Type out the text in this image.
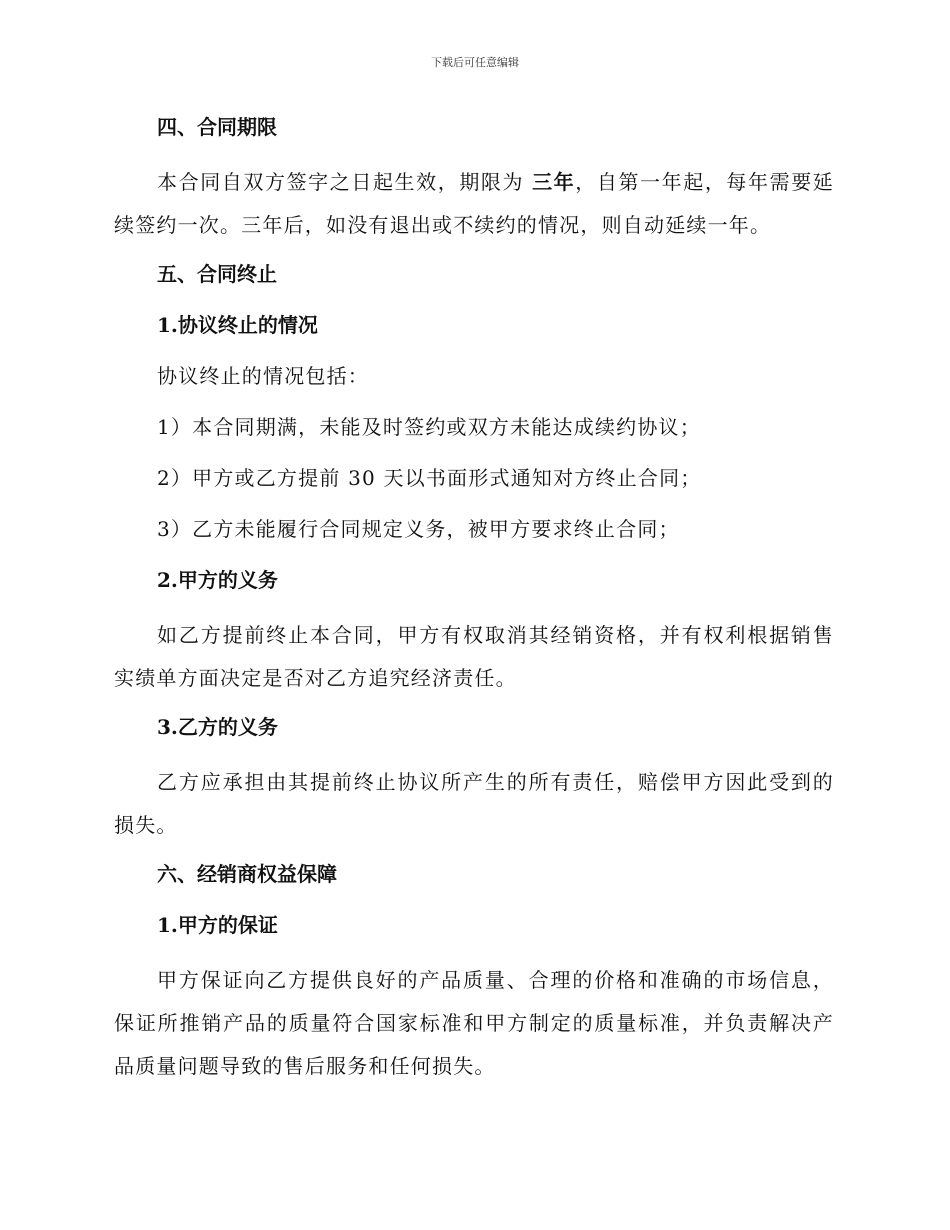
下载后可任意编辑
四、合同期限
本合同自双方签字之日起生效，期限为 三年，自第一年起，每年需要延续签约一次。三年后，如没有退出或不续约的情况，则自动延续一年。
五、合同终止
1.协议终止的情况
协议终止的情况包括：
1）本合同期满，未能及时签约或双方未能达成续约协议；
2）甲方或乙方提前 30 天以书面形式通知对方终止合同；
3）乙方未能履行合同规定义务，被甲方要求终止合同；
2.甲方的义务
如乙方提前终止本合同，甲方有权取消其经销资格，并有权利根据销售实绩单方面决定是否对乙方追究经济责任。
3.乙方的义务
乙方应承担由其提前终止协议所产生的所有责任，赔偿甲方因此受到的损失。
六、经销商权益保障
1.甲方的保证
甲方保证向乙方提供良好的产品质量、合理的价格和准确的市场信息，保证所推销产品的质量符合国家标准和甲方制定的质量标准，并负责解决产品质量问题导致的售后服务和任何损失。
